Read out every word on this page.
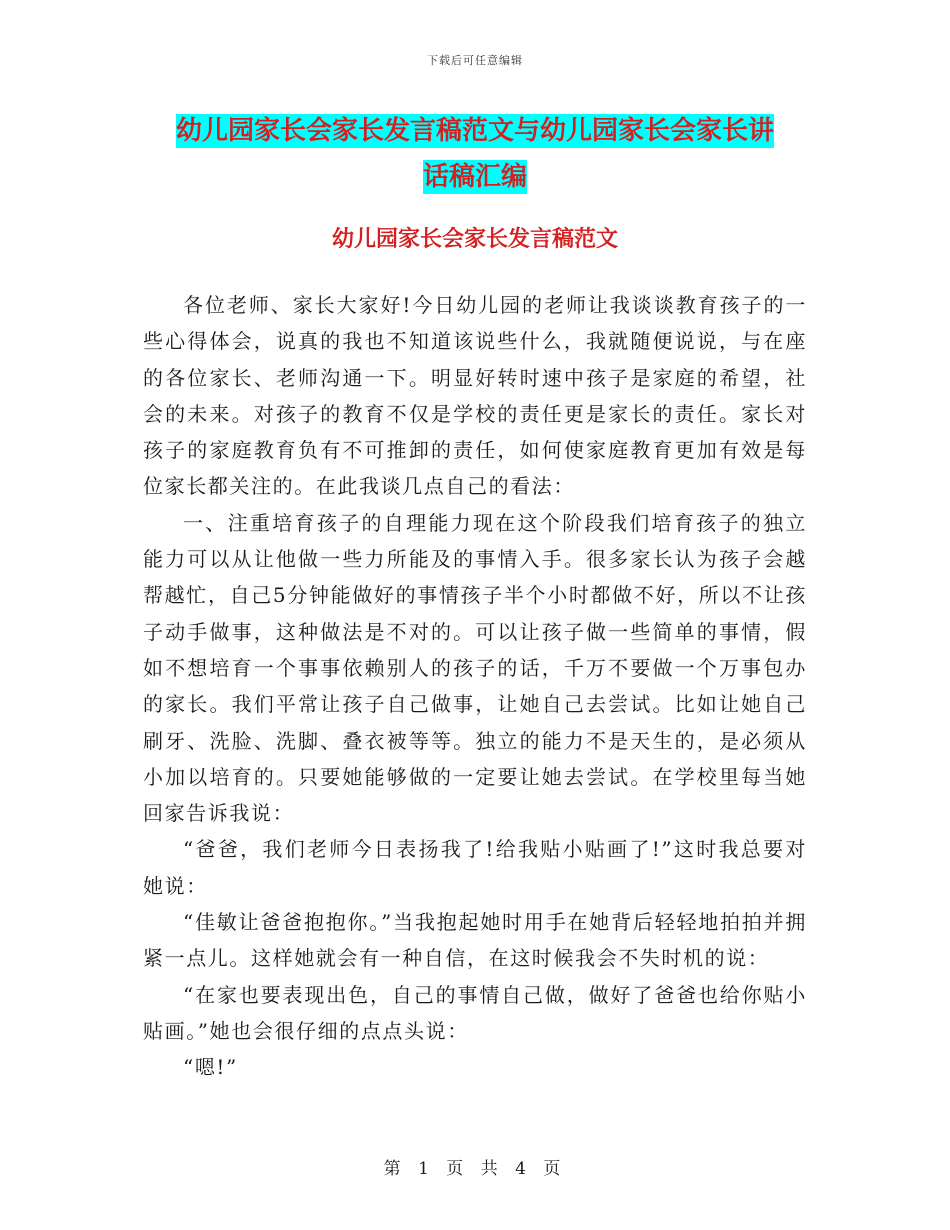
下载后可任意编辑
幼儿园家长会家长发言稿范文与幼儿园家长会家长讲
话稿汇编
幼儿园家长会家长发言稿范文

各位老师、家长大家好!今日幼儿园的老师让我谈谈教育孩子的一些心得体会，说真的我也不知道该说些什么，我就随便说说，与在座的各位家长、老师沟通一下。明显好转时速中孩子是家庭的希望，社会的未来。对孩子的教育不仅是学校的责任更是家长的责任。家长对孩子的家庭教育负有不可推卸的责任，如何使家庭教育更加有效是每位家长都关注的。在此我谈几点自己的看法：

一、注重培育孩子的自理能力现在这个阶段我们培育孩子的独立能力可以从让他做一些力所能及的事情入手。很多家长认为孩子会越帮越忙，自己5分钟能做好的事情孩子半个小时都做不好，所以不让孩子动手做事，这种做法是不对的。可以让孩子做一些简单的事情，假如不想培育一个事事依赖别人的孩子的话，千万不要做一个万事包办的家长。我们平常让孩子自己做事，让她自己去尝试。比如让她自己刷牙、洗脸、洗脚、叠衣被等等。独立的能力不是天生的，是必须从小加以培育的。只要她能够做的一定要让她去尝试。在学校里每当她回家告诉我说：

“爸爸，我们老师今日表扬我了!给我贴小贴画了!”这时我总要对她说：

“佳敏让爸爸抱抱你。”当我抱起她时用手在她背后轻轻地拍拍并拥紧一点儿。这样她就会有一种自信，在这时候我会不失时机的说：

“在家也要表现出色，自己的事情自己做，做好了爸爸也给你贴小贴画。”她也会很仔细的点点头说：

“嗯!”

第 1 页 共 4 页
